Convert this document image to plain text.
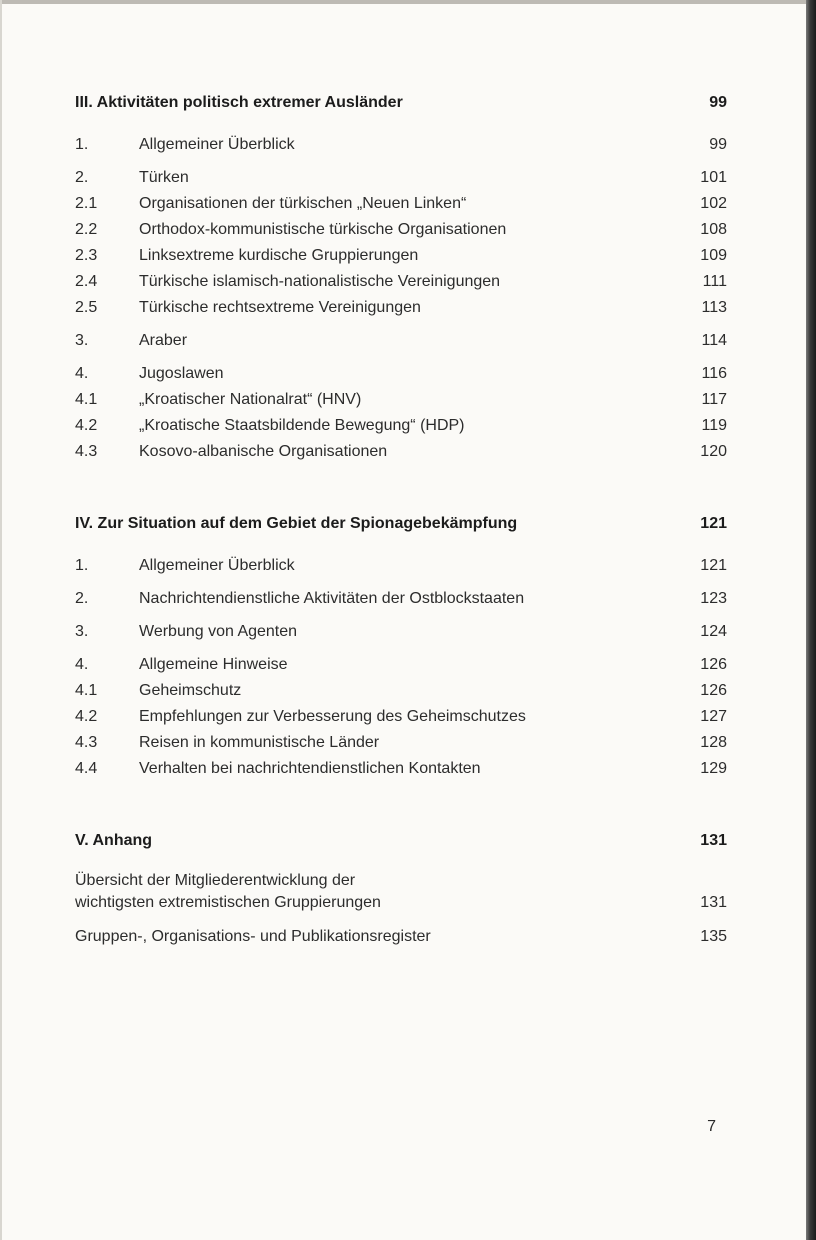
III. Aktivitäten politisch extremer Ausländer	99
1.	Allgemeiner Überblick	99
2.	Türken	101
2.1	Organisationen der türkischen „Neuen Linken“	102
2.2	Orthodox-kommunistische türkische Organisationen	108
2.3	Linksextreme kurdische Gruppierungen	109
2.4	Türkische islamisch-nationalistische Vereinigungen	111
2.5	Türkische rechtsextreme Vereinigungen	113
3.	Araber	114
4.	Jugoslawen	116
4.1	„Kroatischer Nationalrat“ (HNV)	117
4.2	„Kroatische Staatsbildende Bewegung“ (HDP)	119
4.3	Kosovo-albanische Organisationen	120
IV. Zur Situation auf dem Gebiet der Spionagebekämpfung	121
1.	Allgemeiner Überblick	121
2.	Nachrichtendienstliche Aktivitäten der Ostblockstaaten	123
3.	Werbung von Agenten	124
4.	Allgemeine Hinweise	126
4.1	Geheimschutz	126
4.2	Empfehlungen zur Verbesserung des Geheimschutzes	127
4.3	Reisen in kommunistische Länder	128
4.4	Verhalten bei nachrichtendienstlichen Kontakten	129
V. Anhang	131
Übersicht der Mitgliederentwicklung der
wichtigsten extremistischen Gruppierungen	131
Gruppen-, Organisations- und Publikationsregister	135
7
